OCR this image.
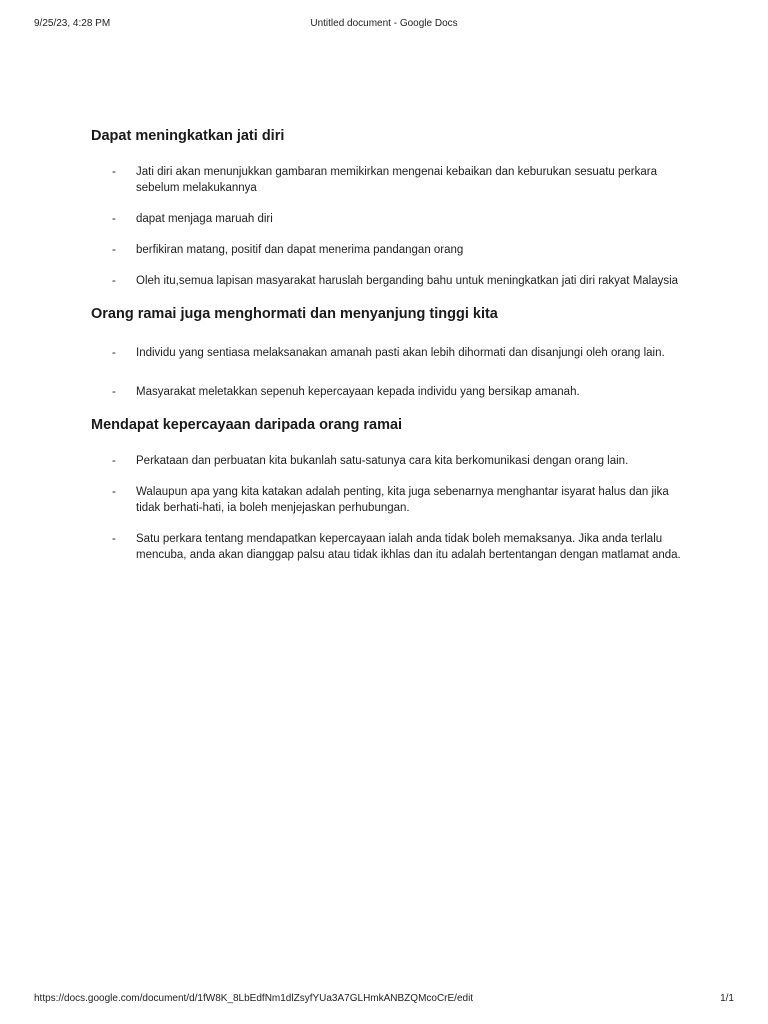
9/25/23, 4:28 PM	Untitled document - Google Docs
Dapat meningkatkan jati diri
- Jati diri akan menunjukkan gambaran memikirkan mengenai kebaikan dan keburukan sesuatu perkara sebelum melakukannya
- dapat menjaga maruah diri
- berfikiran matang, positif dan dapat menerima pandangan orang
- Oleh itu,semua lapisan masyarakat haruslah berganding bahu untuk meningkatkan jati diri rakyat Malaysia
Orang ramai juga menghormati dan menyanjung tinggi kita
- Individu yang sentiasa melaksanakan amanah pasti akan lebih dihormati dan disanjungi oleh orang lain.
- Masyarakat meletakkan sepenuh kepercayaan kepada individu yang bersikap amanah.
Mendapat kepercayaan daripada orang ramai
- Perkataan dan perbuatan kita bukanlah satu-satunya cara kita berkomunikasi dengan orang lain.
- Walaupun apa yang kita katakan adalah penting, kita juga sebenarnya menghantar isyarat halus dan jika tidak berhati-hati, ia boleh menjejaskan perhubungan.
- Satu perkara tentang mendapatkan kepercayaan ialah anda tidak boleh memaksanya. Jika anda terlalu mencuba, anda akan dianggap palsu atau tidak ikhlas dan itu adalah bertentangan dengan matlamat anda.
https://docs.google.com/document/d/1fW8K_8LbEdfNm1dlZsyfYUa3A7GLHmkANBZQMcoCrE/edit	1/1
